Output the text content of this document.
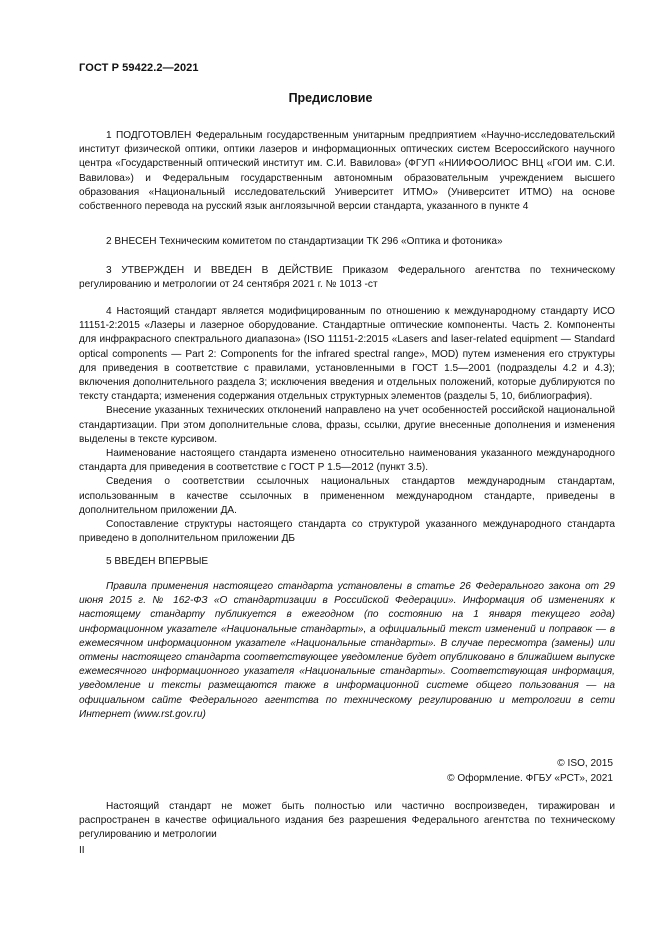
ГОСТ Р 59422.2—2021
Предисловие

1 ПОДГОТОВЛЕН Федеральным государственным унитарным предприятием «Научно-исследовательский институт физической оптики, оптики лазеров и информационных оптических систем Всероссийского научного центра «Государственный оптический институт им. С.И. Вавилова» (ФГУП «НИИФООЛИОС ВНЦ «ГОИ им. С.И. Вавилова») и Федеральным государственным автономным образовательным учреждением высшего образования «Национальный исследовательский Университет ИТМО» (Университет ИТМО) на основе собственного перевода на русский язык англоязычной версии стандарта, указанного в пункте 4

2 ВНЕСЕН Техническим комитетом по стандартизации ТК 296 «Оптика и фотоника»

3 УТВЕРЖДЕН И ВВЕДЕН В ДЕЙСТВИЕ Приказом Федерального агентства по техническому регулированию и метрологии от 24 сентября 2021 г. № 1013 -ст

4 Настоящий стандарт является модифицированным по отношению к международному стандарту ИСО 11151-2:2015 «Лазеры и лазерное оборудование. Стандартные оптические компоненты. Часть 2. Компоненты для инфракрасного спектрального диапазона» (ISO 11151-2:2015 «Lasers and laser-related equipment — Standard optical components — Part 2: Components for the infrared spectral range», MOD) путем изменения его структуры для приведения в соответствие с правилами, установленными в ГОСТ 1.5—2001 (подразделы 4.2 и 4.3); включения дополнительного раздела 3; исключения введения и отдельных положений, которые дублируются по тексту стандарта; изменения содержания отдельных структурных элементов (разделы 5, 10, библиография).

Внесение указанных технических отклонений направлено на учет особенностей российской национальной стандартизации. При этом дополнительные слова, фразы, ссылки, другие внесенные дополнения и изменения выделены в тексте курсивом.

Наименование настоящего стандарта изменено относительно наименования указанного международного стандарта для приведения в соответствие с ГОСТ Р 1.5—2012 (пункт 3.5).

Сведения о соответствии ссылочных национальных стандартов международным стандартам, использованным в качестве ссылочных в примененном международном стандарте, приведены в дополнительном приложении ДА.

Сопоставление структуры настоящего стандарта со структурой указанного международного стандарта приведено в дополнительном приложении ДБ

5 ВВЕДЕН ВПЕРВЫЕ

Правила применения настоящего стандарта установлены в статье 26 Федерального закона от 29 июня 2015 г. № 162-ФЗ «О стандартизации в Российской Федерации». Информация об изменениях к настоящему стандарту публикуется в ежегодном (по состоянию на 1 января текущего года) информационном указателе «Национальные стандарты», а официальный текст изменений и поправок — в ежемесячном информационном указателе «Национальные стандарты». В случае пересмотра (замены) или отмены настоящего стандарта соответствующее уведомление будет опубликовано в ближайшем выпуске ежемесячного информационного указателя «Национальные стандарты». Соответствующая информация, уведомление и тексты размещаются также в информационной системе общего пользования — на официальном сайте Федерального агентства по техническому регулированию и метрологии в сети Интернет (www.rst.gov.ru)

© ISO, 2015
© Оформление. ФГБУ «РСТ», 2021

Настоящий стандарт не может быть полностью или частично воспроизведен, тиражирован и распространен в качестве официального издания без разрешения Федерального агентства по техническому регулированию и метрологии

II
